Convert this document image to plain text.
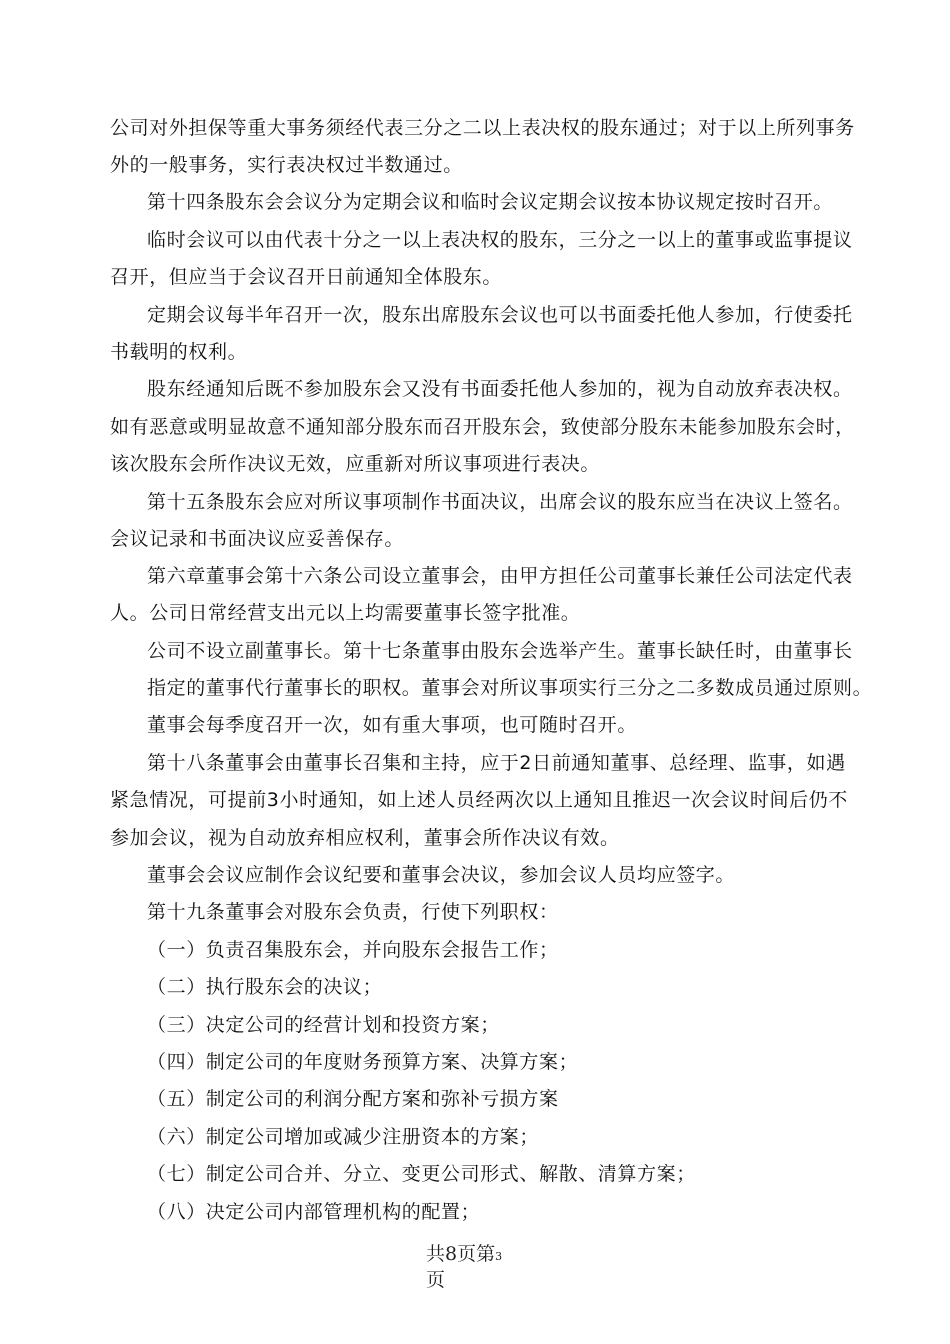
公司对外担保等重大事务须经代表三分之二以上表决权的股东通过；对于以上所列事务
外的一般事务，实行表决权过半数通过。
第十四条股东会会议分为定期会议和临时会议定期会议按本协议规定按时召开。
临时会议可以由代表十分之一以上表决权的股东，三分之一以上的董事或监事提议
召开，但应当于会议召开日前通知全体股东。
定期会议每半年召开一次，股东出席股东会议也可以书面委托他人参加，行使委托
书载明的权利。
股东经通知后既不参加股东会又没有书面委托他人参加的，视为自动放弃表决权。
如有恶意或明显故意不通知部分股东而召开股东会，致使部分股东未能参加股东会时，
该次股东会所作决议无效，应重新对所议事项进行表决。
第十五条股东会应对所议事项制作书面决议，出席会议的股东应当在决议上签名。
会议记录和书面决议应妥善保存。
第六章董事会第十六条公司设立董事会，由甲方担任公司董事长兼任公司法定代表
人。公司日常经营支出元以上均需要董事长签字批准。
公司不设立副董事长。第十七条董事由股东会选举产生。董事长缺任时，由董事长
指定的董事代行董事长的职权。董事会对所议事项实行三分之二多数成员通过原则。
董事会每季度召开一次，如有重大事项，也可随时召开。
第十八条董事会由董事长召集和主持，应于2日前通知董事、总经理、监事，如遇
紧急情况，可提前3小时通知，如上述人员经两次以上通知且推迟一次会议时间后仍不
参加会议，视为自动放弃相应权利，董事会所作决议有效。
董事会会议应制作会议纪要和董事会决议，参加会议人员均应签字。
第十九条董事会对股东会负责，行使下列职权：
（一）负责召集股东会，并向股东会报告工作；
（二）执行股东会的决议；
（三）决定公司的经营计划和投资方案；
（四）制定公司的年度财务预算方案、决算方案；
（五）制定公司的利润分配方案和弥补亏损方案
（六）制定公司增加或减少注册资本的方案；
（七）制定公司合并、分立、变更公司形式、解散、清算方案；
（八）决定公司内部管理机构的配置；
共8页第3
页
